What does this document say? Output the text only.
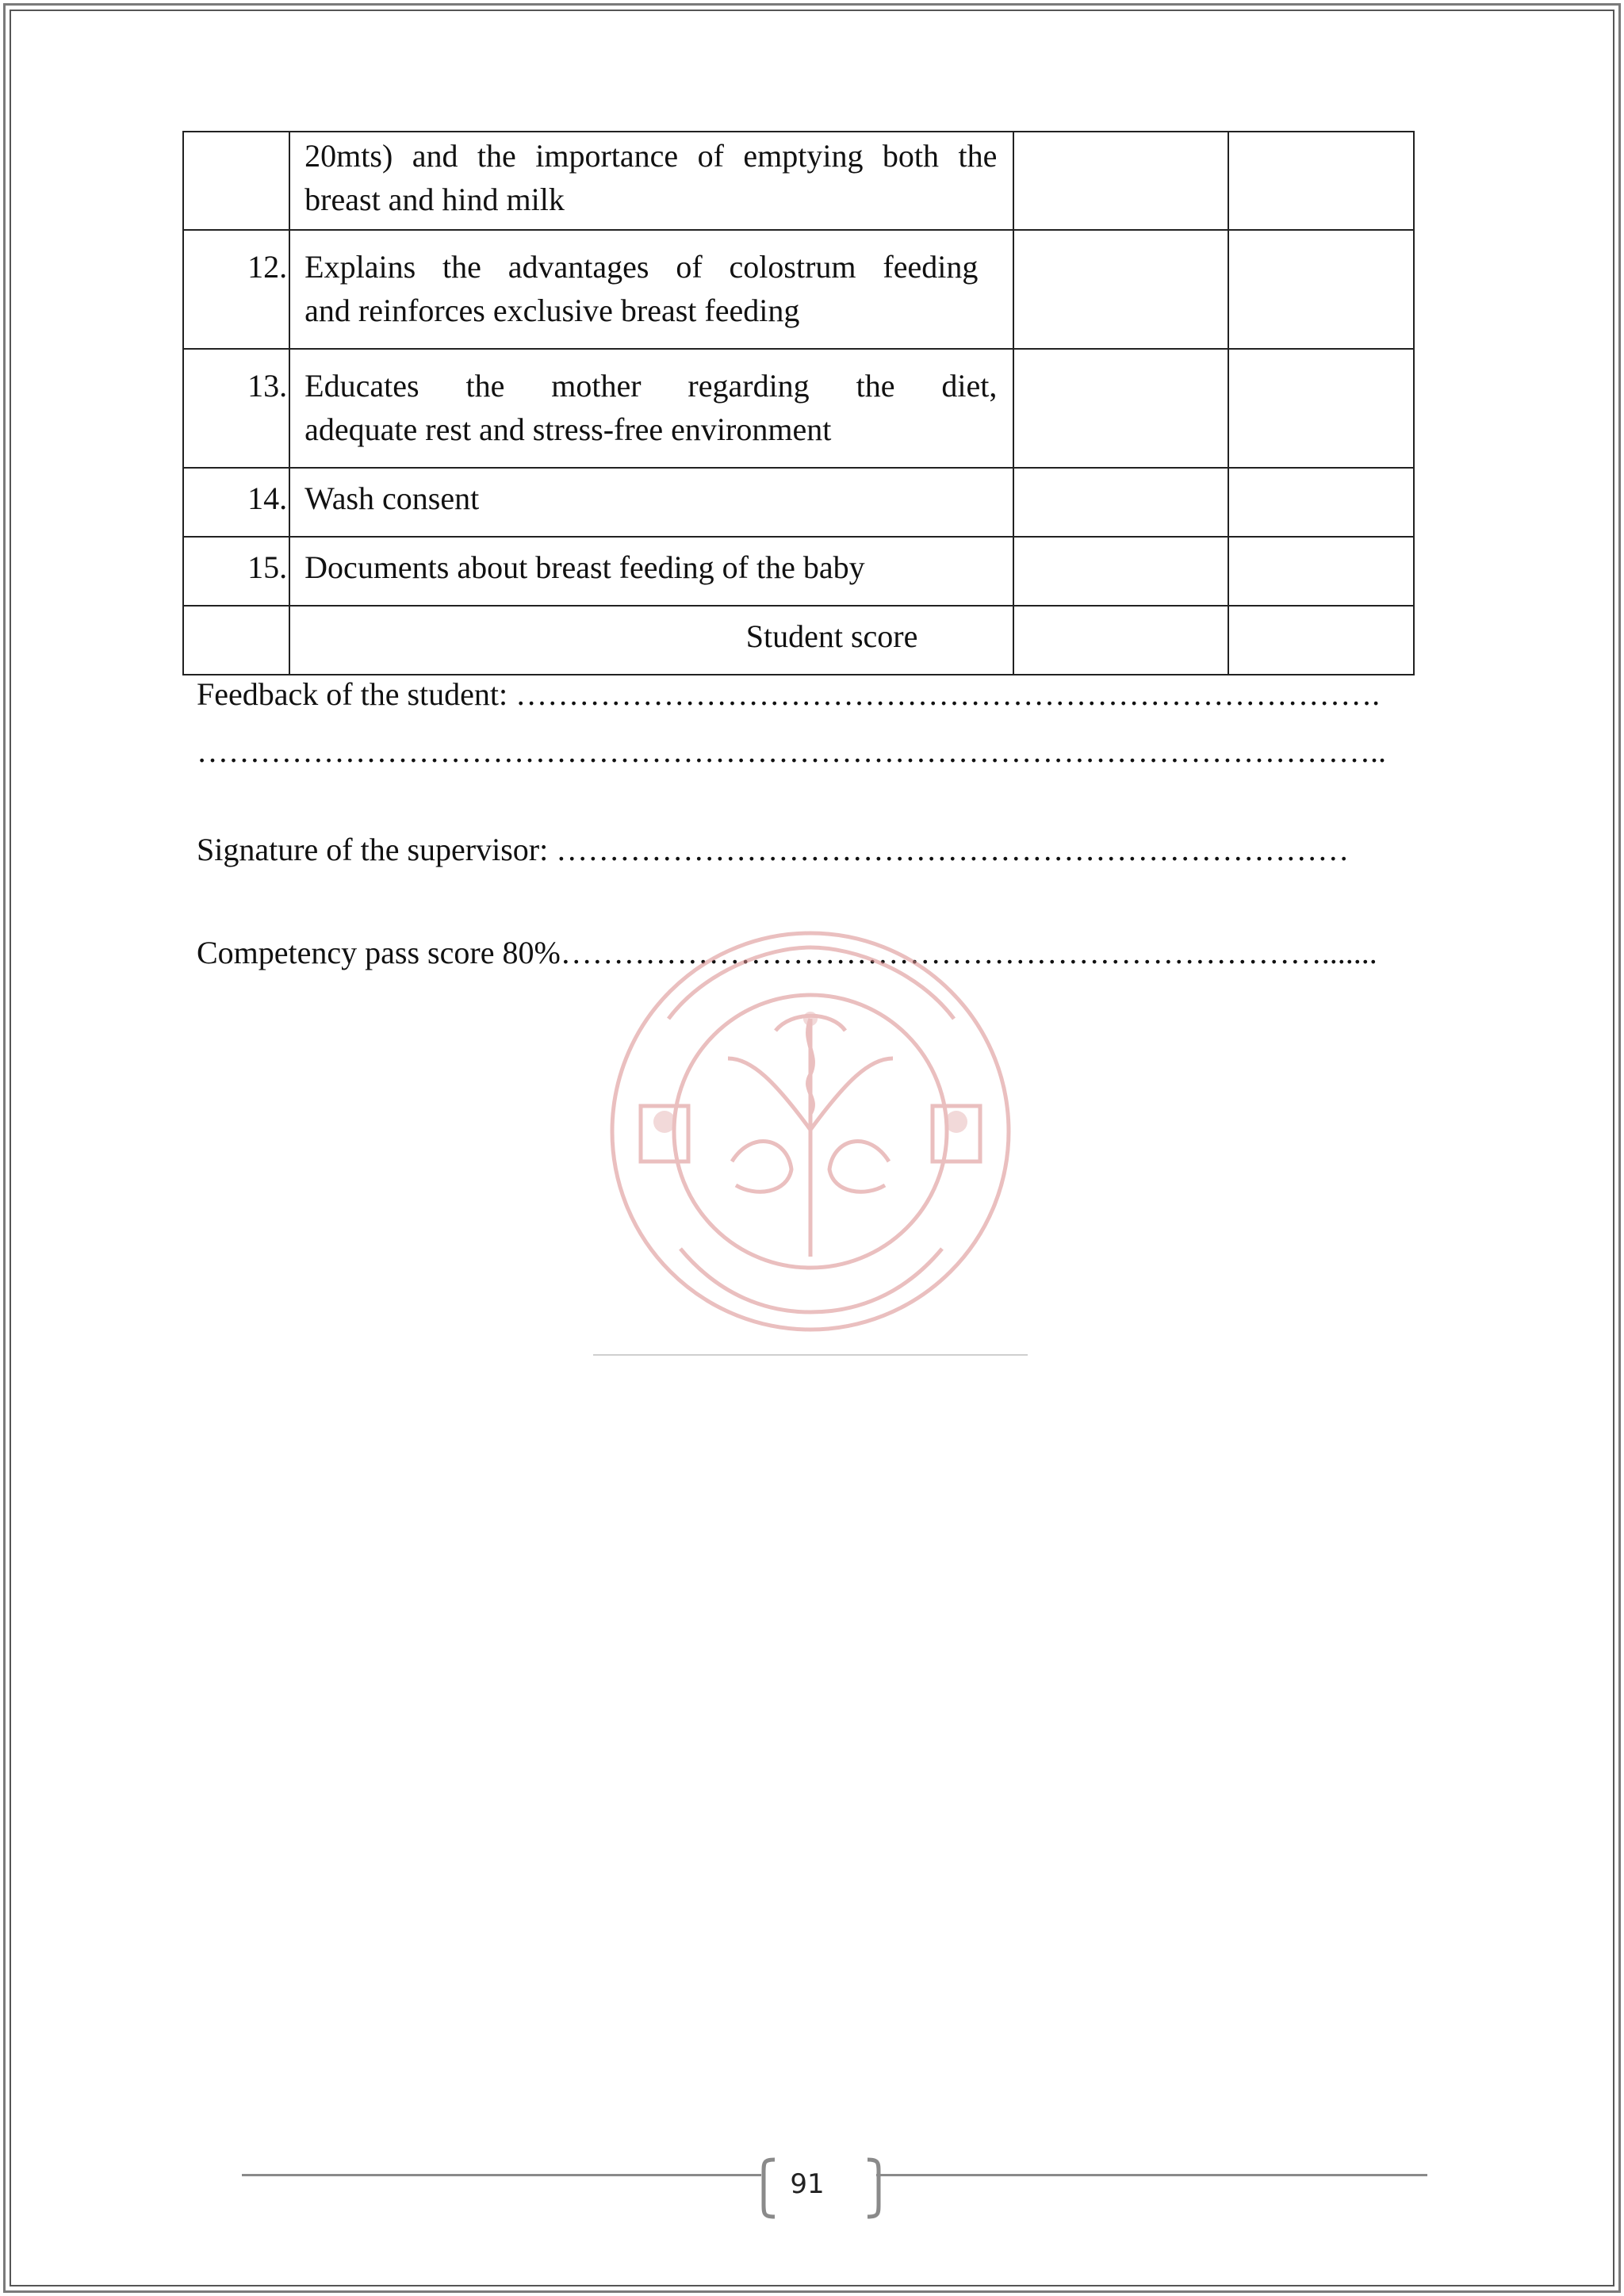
	20mts) and the importance of emptying both the
breast and hind milk		

12.	Explains the advantages of colostrum feeding
and reinforces exclusive breast feeding		

13.	Educates the mother regarding the diet,
adequate rest and stress-free environment		

14.	Wash consent		

15.	Documents about breast feeding of the baby		

	Student score		
Feedback of the student: ……………………………………………………………………….
…………………………………………………………………………………………………..
Signature of the supervisor: …………………………………………………………………
Competency pass score 80%……………………………………………………………….......
91
